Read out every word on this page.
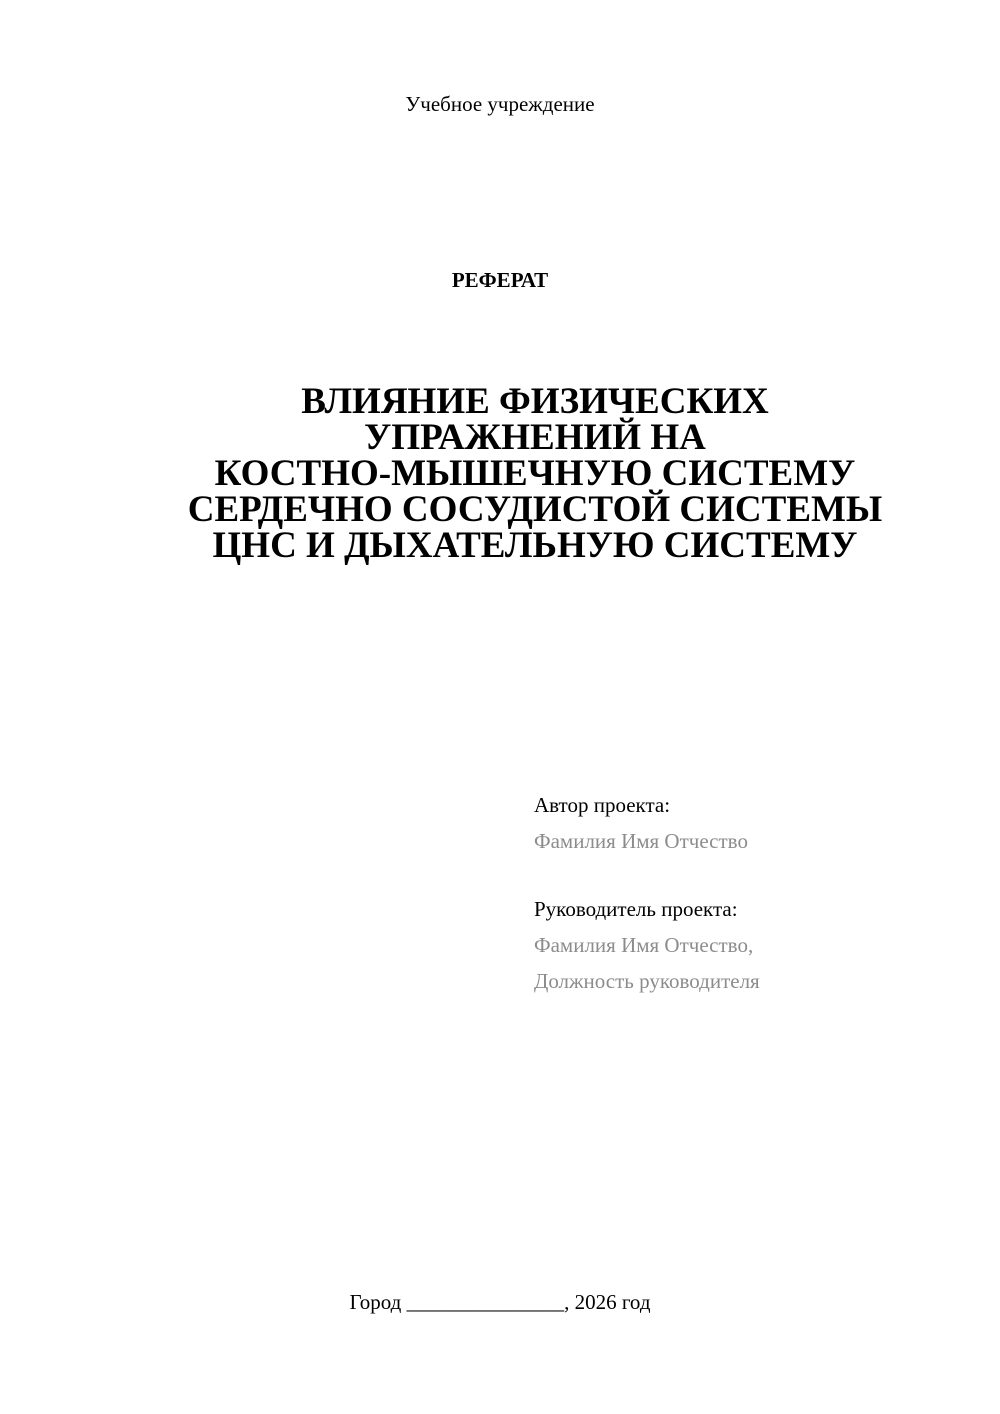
Учебное учреждение
РЕФЕРАТ
ВЛИЯНИЕ ФИЗИЧЕСКИХ
УПРАЖНЕНИЙ НА
КОСТНО-МЫШЕЧНУЮ СИСТЕМУ
СЕРДЕЧНО СОСУДИСТОЙ СИСТЕМЫ
ЦНС И ДЫХАТЕЛЬНУЮ СИСТЕМУ
Автор проекта:
Фамилия Имя Отчество
Руководитель проекта:
Фамилия Имя Отчество,
Должность руководителя
Город _______________, 2026 год
